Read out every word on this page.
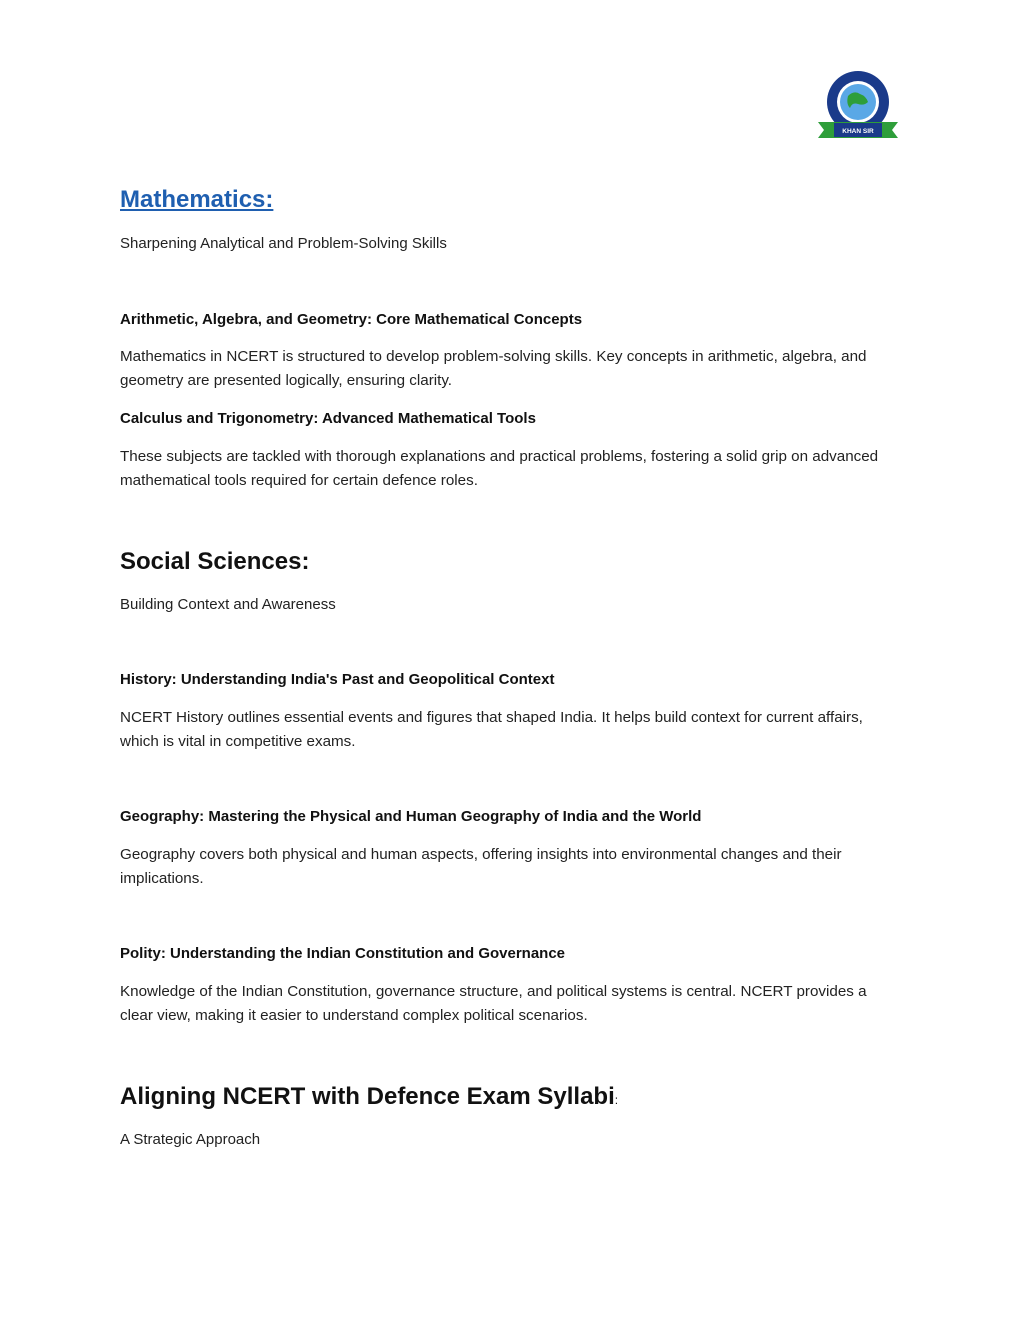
KHAN SIR
Mathematics:

Sharpening Analytical and Problem-Solving Skills

Arithmetic, Algebra, and Geometry: Core Mathematical Concepts

Mathematics in NCERT is structured to develop problem-solving skills. Key concepts in arithmetic, algebra, and geometry are presented logically, ensuring clarity.

Calculus and Trigonometry: Advanced Mathematical Tools

These subjects are tackled with thorough explanations and practical problems, fostering a solid grip on advanced mathematical tools required for certain defence roles.

Social Sciences:

Building Context and Awareness

History: Understanding India's Past and Geopolitical Context

NCERT History outlines essential events and figures that shaped India. It helps build context for current affairs, which is vital in competitive exams.

Geography: Mastering the Physical and Human Geography of India and the World

Geography covers both physical and human aspects, offering insights into environmental changes and their implications.

Polity: Understanding the Indian Constitution and Governance

Knowledge of the Indian Constitution, governance structure, and political systems is central. NCERT provides a clear view, making it easier to understand complex political scenarios.

Aligning NCERT with Defence Exam Syllabi:

A Strategic Approach
